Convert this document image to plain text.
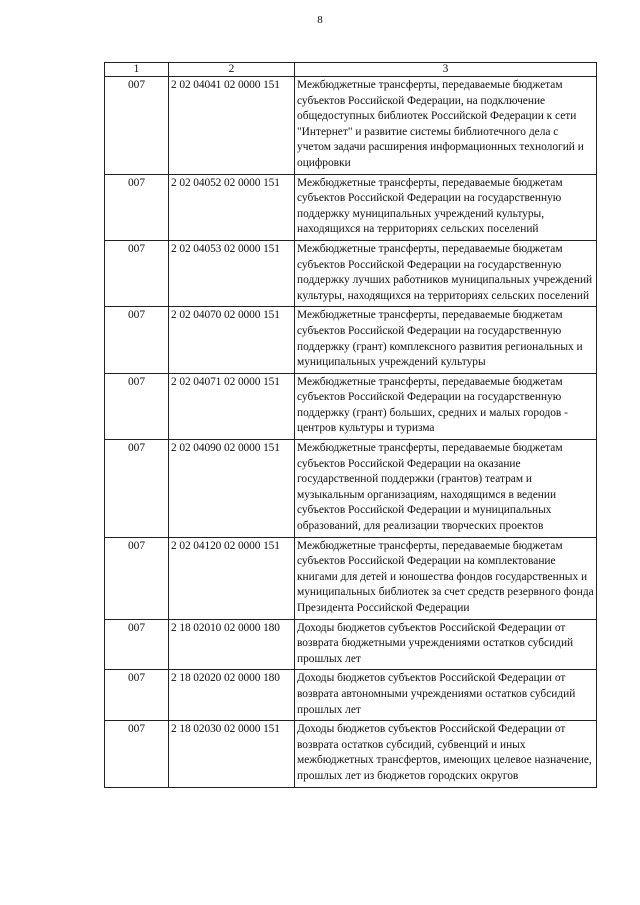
8
1	2	3
007	2 02 04041 02 0000 151	Межбюджетные трансферты, передаваемые бюджетам субъектов Российской Федерации, на подключение общедоступных библиотек Российской Федерации к сети "Интернет" и развитие системы библиотечного дела с учетом задачи расширения информационных технологий и оцифровки
007	2 02 04052 02 0000 151	Межбюджетные трансферты, передаваемые бюджетам субъектов Российской Федерации на государственную поддержку муниципальных учреждений культуры, находящихся на территориях сельских поселений
007	2 02 04053 02 0000 151	Межбюджетные трансферты, передаваемые бюджетам субъектов Российской Федерации на государственную поддержку лучших работников муниципальных учреждений культуры, находящихся на территориях сельских поселений
007	2 02 04070 02 0000 151	Межбюджетные трансферты, передаваемые бюджетам субъектов Российской Федерации на государственную поддержку (грант) комплексного развития региональных и муниципальных учреждений культуры
007	2 02 04071 02 0000 151	Межбюджетные трансферты, передаваемые бюджетам субъектов Российской Федерации на государственную поддержку (грант) больших, средних и малых городов - центров культуры и туризма
007	2 02 04090 02 0000 151	Межбюджетные трансферты, передаваемые бюджетам субъектов Российской Федерации на оказание государственной поддержки (грантов) театрам и музыкальным организациям, находящимся в ведении субъектов Российской Федерации и муниципальных образований, для реализации творческих проектов
007	2 02 04120 02 0000 151	Межбюджетные трансферты, передаваемые бюджетам субъектов Российской Федерации на комплектование книгами для детей и юношества фондов государственных и муниципальных библиотек за счет средств резервного фонда Президента Российской Федерации
007	2 18 02010 02 0000 180	Доходы бюджетов субъектов Российской Федерации от возврата бюджетными учреждениями остатков субсидий прошлых лет
007	2 18 02020 02 0000 180	Доходы бюджетов субъектов Российской Федерации от возврата автономными учреждениями остатков субсидий прошлых лет
007	2 18 02030 02 0000 151	Доходы бюджетов субъектов Российской Федерации от возврата остатков субсидий, субвенций и иных межбюджетных трансфертов, имеющих целевое назначение, прошлых лет из бюджетов городских округов
